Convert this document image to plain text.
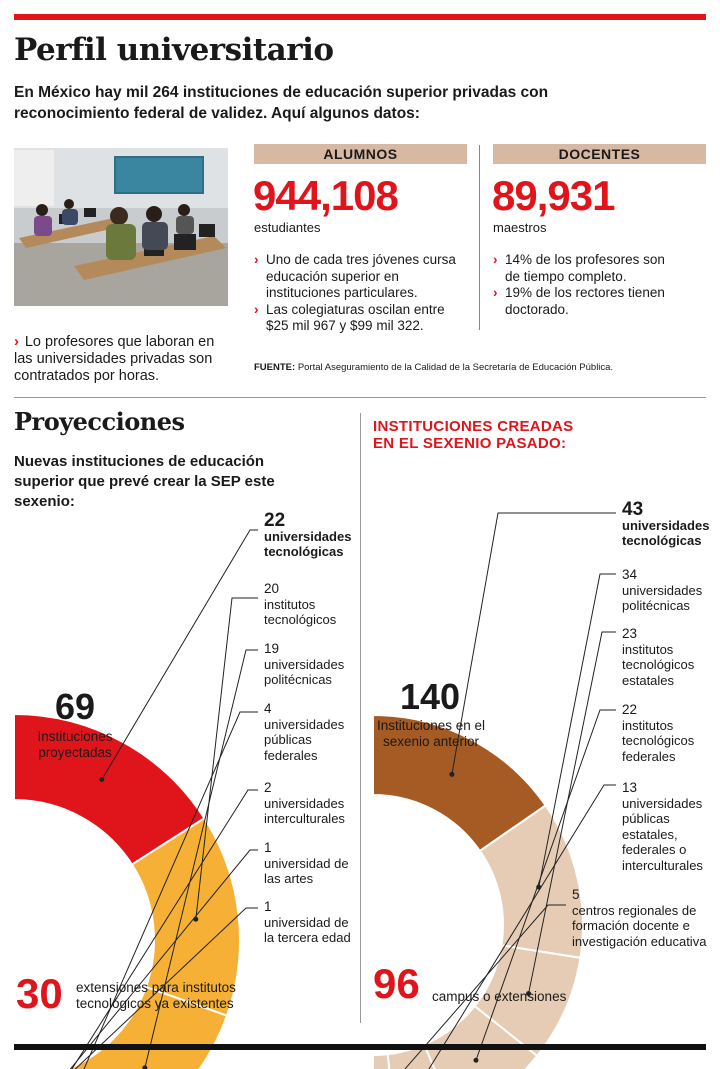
Perfil universitario
En México hay mil 264 instituciones de educación superior privadas con reconocimiento federal de validez. Aquí algunos datos:
› Lo profesores que laboran en las universidades privadas son contratados por horas.
ALUMNOS
944,108
estudiantes
› Uno de cada tres jóvenes cursa educación superior en instituciones particulares.
› Las colegiaturas oscilan entre $25 mil 967 y $99 mil 322.
DOCENTES
89,931
maestros
› 14% de los profesores son de tiempo completo.
› 19% de los rectores tienen doctorado.
FUENTE: Portal Aseguramiento de la Calidad de la Secretaría de Educación Pública.
Proyecciones
Nuevas instituciones de educación superior que prevé crear la SEP este sexenio:
INSTITUCIONES CREADAS EN EL SEXENIO PASADO:
69
Instituciones proyectadas
140
Instituciones en el sexenio anterior
22
universidades tecnológicas
20
institutos tecnológicos
19
universidades politécnicas
4
universidades públicas federales
2
universidades interculturales
1
universidad de las artes
1
universidad de la tercera edad
43
universidades tecnológicas
34
universidades politécnicas
23
institutos tecnológicos estatales
22
institutos tecnológicos federales
13
universidades públicas estatales, federales o interculturales
5
centros regionales de formación docente e investigación educativa
30 extensiones para institutos tecnológicos ya existentes	96 campus o extensiones
